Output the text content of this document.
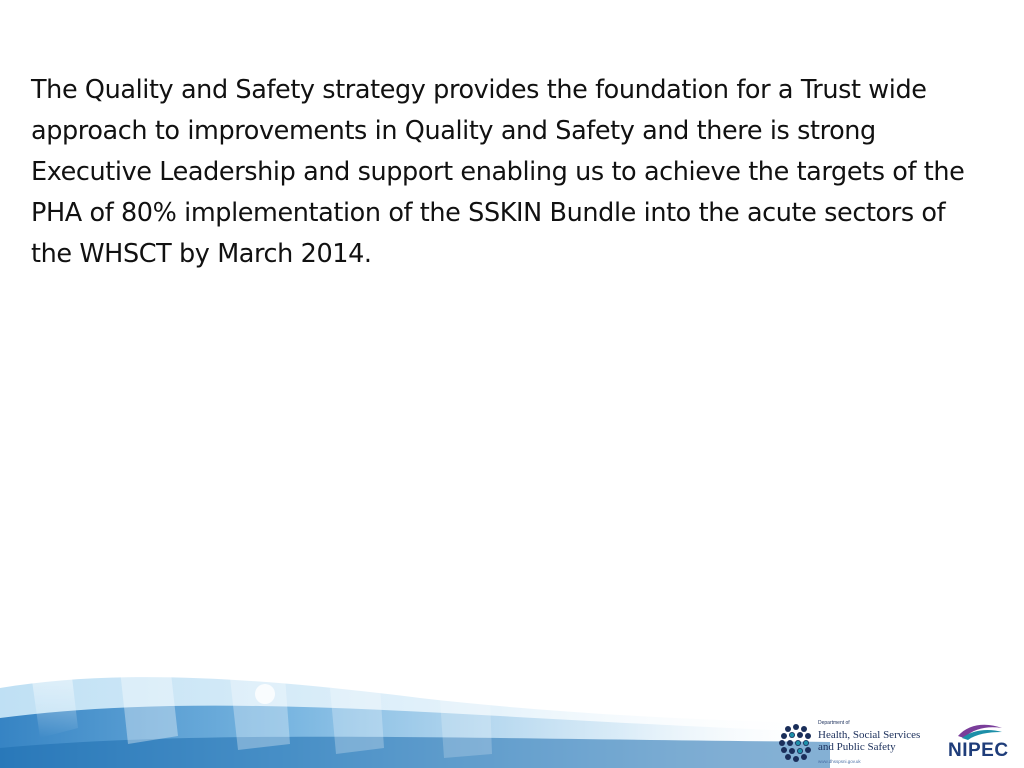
The Quality and Safety strategy provides the foundation for a Trust wide approach to improvements in Quality and Safety and there is strong Executive Leadership and support enabling us to achieve the targets of the PHA of 80% implementation of the SSKIN Bundle into the acute sectors of the WHSCT by March 2014.
Department of
Health, Social Services
and Public Safety
www.dhsspsni.gov.uk
NIPEC
